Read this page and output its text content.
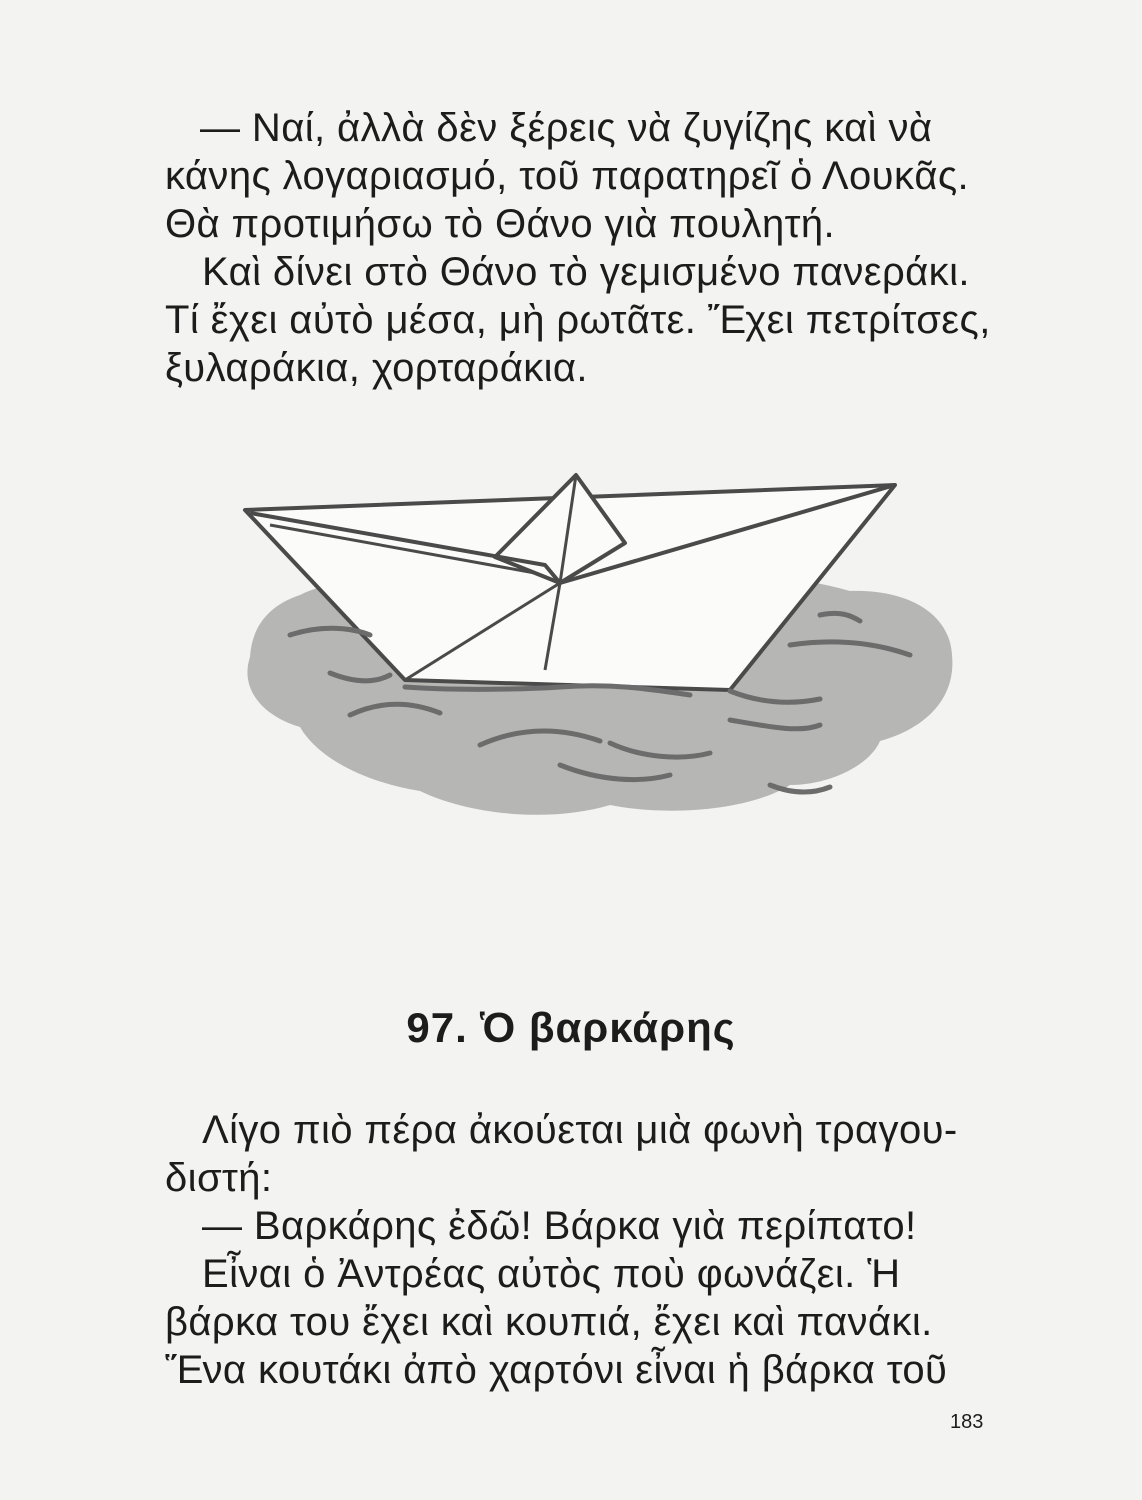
— Ναί, ἀλλὰ δὲν ξέρεις νὰ ζυγίζης καὶ νὰ

κάνης λογαριασμό, τοῦ παρατηρεῖ ὁ Λουκᾶς.

Θὰ προτιμήσω τὸ Θάνο γιὰ πουλητή.

Καὶ δίνει στὸ Θάνο τὸ γεμισμένο πανεράκι.

Τί ἔχει αὐτὸ μέσα, μὴ ρωτᾶτε. Ἔχει πετρίτσες,

ξυλαράκια, χορταράκια.

97. Ὁ βαρκάρης

Λίγο πιὸ πέρα ἀκούεται μιὰ φωνὴ τραγου-

διστή:

— Βαρκάρης ἐδῶ! Βάρκα γιὰ περίπατο!

Εἶναι ὁ Ἀντρέας αὐτὸς ποὺ φωνάζει. Ἡ

βάρκα του ἔχει καὶ κουπιά, ἔχει καὶ πανάκι.

Ἕνα κουτάκι ἀπὸ χαρτόνι εἶναι ἡ βάρκα τοῦ

183
